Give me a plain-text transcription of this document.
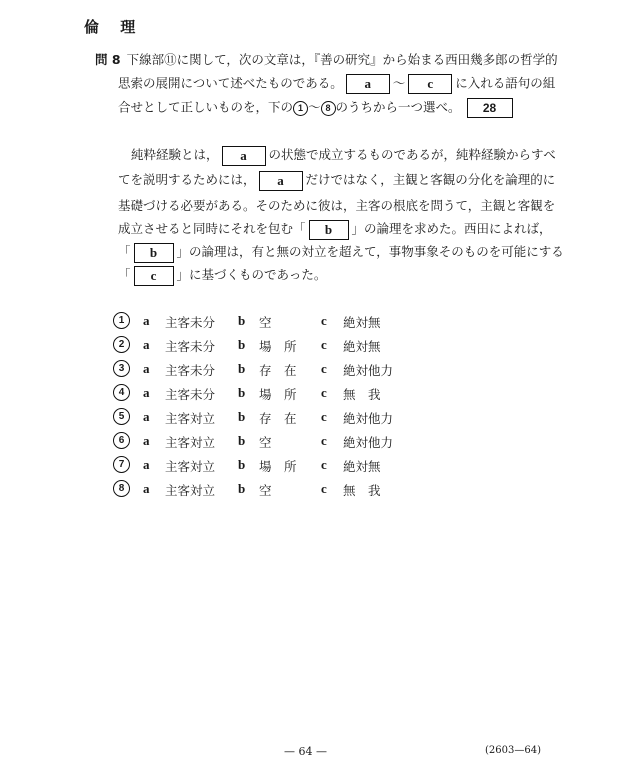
倫 理
問 8 下線部⑪に関して，次の文章は，『善の研究』から始まる西田幾多郎の哲学的
思索の展開について述べたものである。 a ～ c に入れる語句の組
合せとして正しいものを，下の 1 ～ 8 のうちから一つ選べ。 28
純粋経験とは， a の状態で成立するものであるが，純粋経験からすべ
てを説明するためには， a だけではなく，主観と客観の分化を論理的に
基礎づける必要がある。そのために彼は，主客の根底を問うて，主観と客観を
成立させると同時にそれを包む「 b 」の論理を求めた。西田によれば，
「 b 」の論理は，有と無の対立を超えて，事物事象そのものを可能にする
「 c 」に基づくものであった。
1	a 主客未分 b 空	c 絶対無
2	a 主客未分 b 場　所 c 絶対無
3	a 主客未分 b 存　在 c 絶対他力
4	a 主客未分 b 場　所 c 無　我
5	a 主客対立 b 存　在 c 絶対他力
6	a 主客対立 b 空	c 絶対他力
7	a 主客対立 b 場　所 c 絶対無
8	a 主客対立 b 空	c 無　我
— 64 —	(2603—64)
